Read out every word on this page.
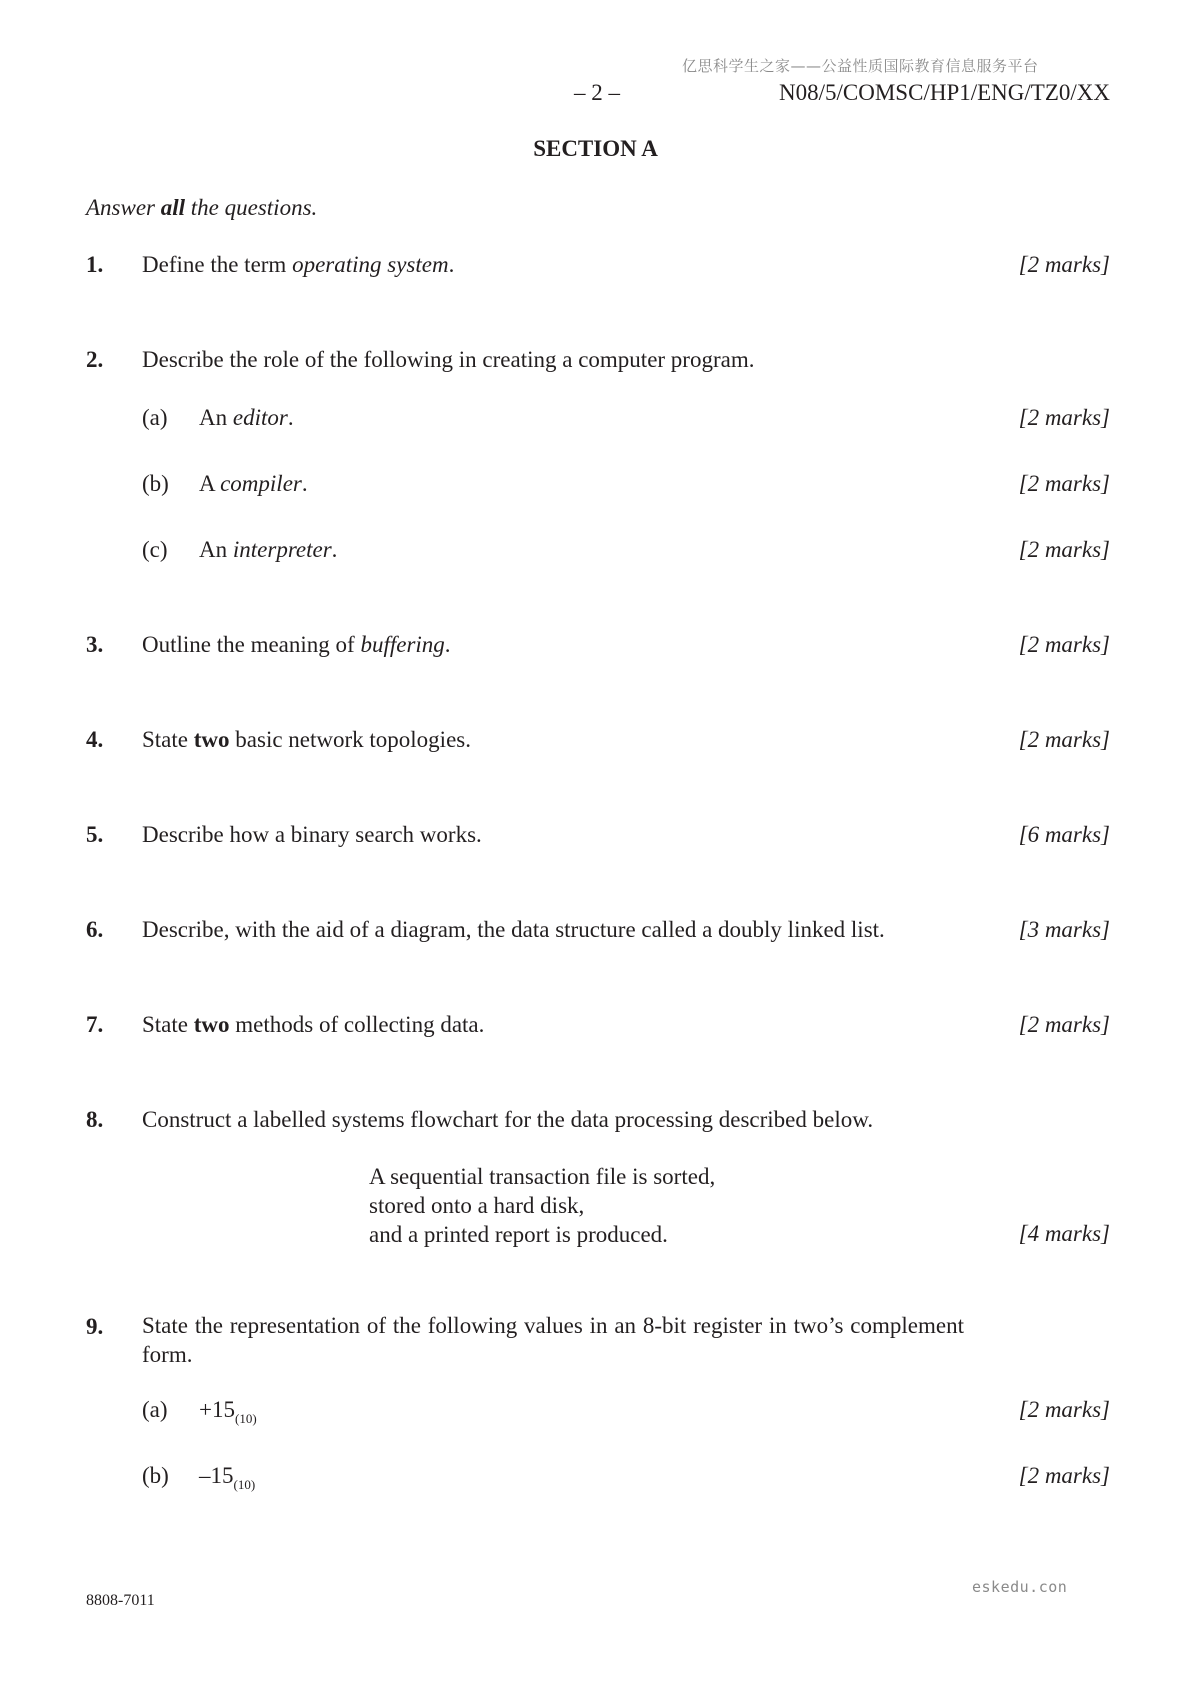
亿思科学生之家——公益性质国际教育信息服务平台
– 2 –	N08/5/COMSC/HP1/ENG/TZ0/XX
SECTION A
Answer all the questions.
1. Define the term operating system.	[2 marks]
2. Describe the role of the following in creating a computer program.
(a) An editor.	[2 marks]
(b) A compiler.	[2 marks]
(c) An interpreter.	[2 marks]
3. Outline the meaning of buffering.	[2 marks]
4. State two basic network topologies.	[2 marks]
5. Describe how a binary search works.	[6 marks]
6. Describe, with the aid of a diagram, the data structure called a doubly linked list.	[3 marks]
7. State two methods of collecting data.	[2 marks]
8. Construct a labelled systems flowchart for the data processing described below.
A sequential transaction file is sorted,
stored onto a hard disk,
and a printed report is produced.	[4 marks]
9. State the representation of the following values in an 8-bit register in two’s complement form.
$(a) +15_{(10)}$	[2 marks]
(b) $-15_{(10)}$	[2 marks]
8808-7011
eskedu.con
